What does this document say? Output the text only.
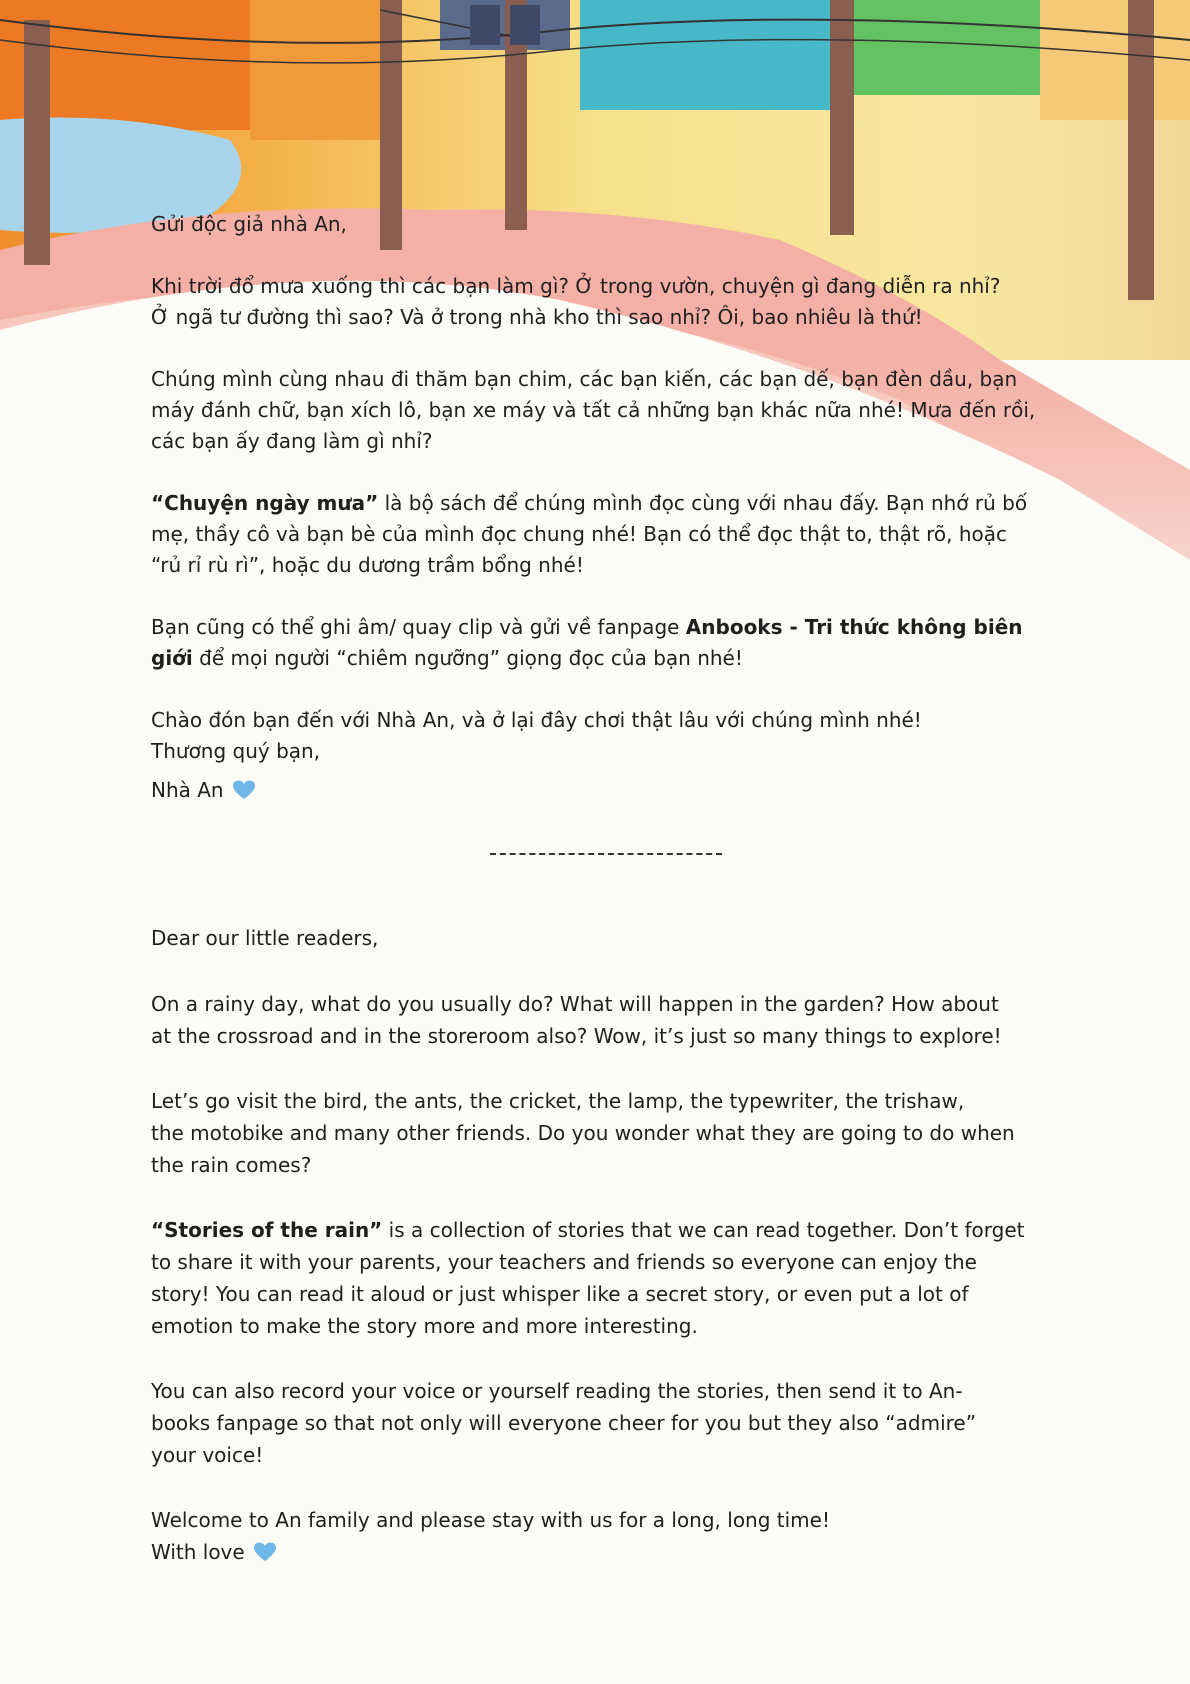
Gửi độc giả nhà An,

Khi trời đổ mưa xuống thì các bạn làm gì? Ở trong vườn, chuyện gì đang diễn ra nhỉ?

Ở ngã tư đường thì sao? Và ở trong nhà kho thì sao nhỉ? Ôi, bao nhiêu là thứ!

Chúng mình cùng nhau đi thăm bạn chim, các bạn kiến, các bạn dế, bạn đèn dầu, bạn

máy đánh chữ, bạn xích lô, bạn xe máy và tất cả những bạn khác nữa nhé! Mưa đến rồi,

các bạn ấy đang làm gì nhỉ?

“Chuyện ngày mưa” là bộ sách để chúng mình đọc cùng với nhau đấy. Bạn nhớ rủ bố

mẹ, thầy cô và bạn bè của mình đọc chung nhé! Bạn có thể đọc thật to, thật rõ, hoặc

“rủ rỉ rù rì”, hoặc du dương trầm bổng nhé!

Bạn cũng có thể ghi âm/ quay clip và gửi về fanpage Anbooks - Tri thức không biên

giới để mọi người “chiêm ngưỡng” giọng đọc của bạn nhé!

Chào đón bạn đến với Nhà An, và ở lại đây chơi thật lâu với chúng mình nhé!

Thương quý bạn,

Nhà An

Dear our little readers,

On a rainy day, what do you usually do? What will happen in the garden? How about

at the crossroad and in the storeroom also? Wow, it’s just so many things to explore!

Let’s go visit the bird, the ants, the cricket, the lamp, the typewriter, the trishaw,

the motobike and many other friends. Do you wonder what they are going to do when

the rain comes?

“Stories of the rain” is a collection of stories that we can read together. Don’t forget

to share it with your parents, your teachers and friends so everyone can enjoy the

story! You can read it aloud or just whisper like a secret story, or even put a lot of

emotion to make the story more and more interesting.

You can also record your voice or yourself reading the stories, then send it to An-

books fanpage so that not only will everyone cheer for you but they also “admire”

your voice!

Welcome to An family and please stay with us for a long, long time!

With love
